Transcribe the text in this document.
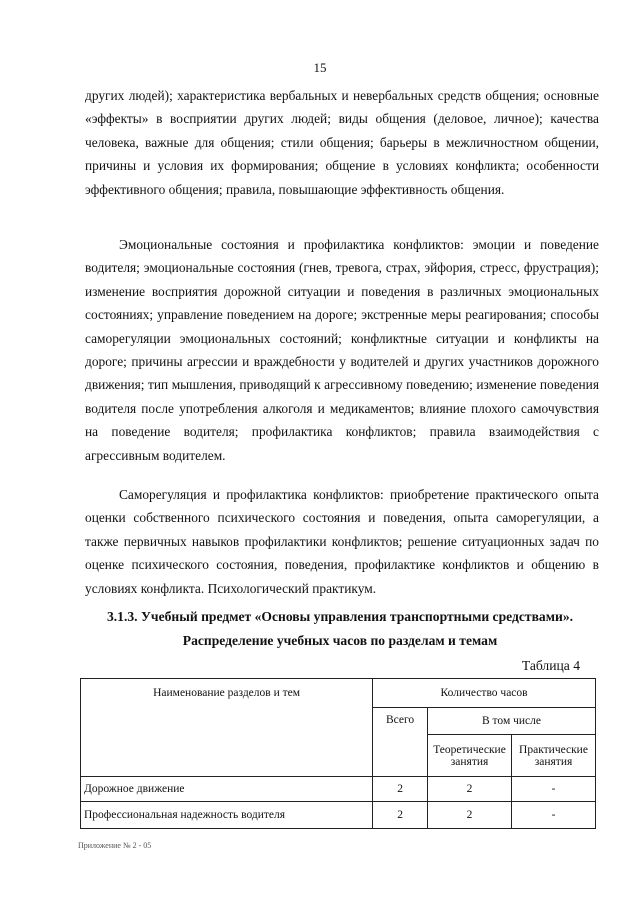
15

других людей); характеристика вербальных и невербальных средств общения; основные «эффекты» в восприятии других людей; виды общения (деловое, личное); качества человека, важные для общения; стили общения; барьеры в межличностном общении, причины и условия их формирования; общение в условиях конфликта; особенности эффективного общения; правила, повышающие эффективность общения.

Эмоциональные состояния и профилактика конфликтов: эмоции и поведение водителя; эмоциональные состояния (гнев, тревога, страх, эйфория, стресс, фрустрация); изменение восприятия дорожной ситуации и поведения в различных эмоциональных состояниях; управление поведением на дороге; экстренные меры реагирования; способы саморегуляции эмоциональных состояний; конфликтные ситуации и конфликты на дороге; причины агрессии и враждебности у водителей и других участников дорожного движения; тип мышления, приводящий к агрессивному поведению; изменение поведения водителя после употребления алкоголя и медикаментов; влияние плохого самочувствия на поведение водителя; профилактика конфликтов; правила взаимодействия с агрессивным водителем.

Саморегуляция и профилактика конфликтов: приобретение практического опыта оценки собственного психического состояния и поведения, опыта саморегуляции, а также первичных навыков профилактики конфликтов; решение ситуационных задач по оценке психического состояния, поведения, профилактике конфликтов и общению в условиях конфликта. Психологический практикум.

3.1.3. Учебный предмет «Основы управления транспортными средствами».

Распределение учебных часов по разделам и темам

Таблица 4
Наименование разделов и тем	Количество часов		
	Всего	В том числе	
		Теоретические занятия	Практические занятия
Дорожное движение	2	2	-
Профессиональная надежность водителя	2	2	-
Приложение № 2 - 05
